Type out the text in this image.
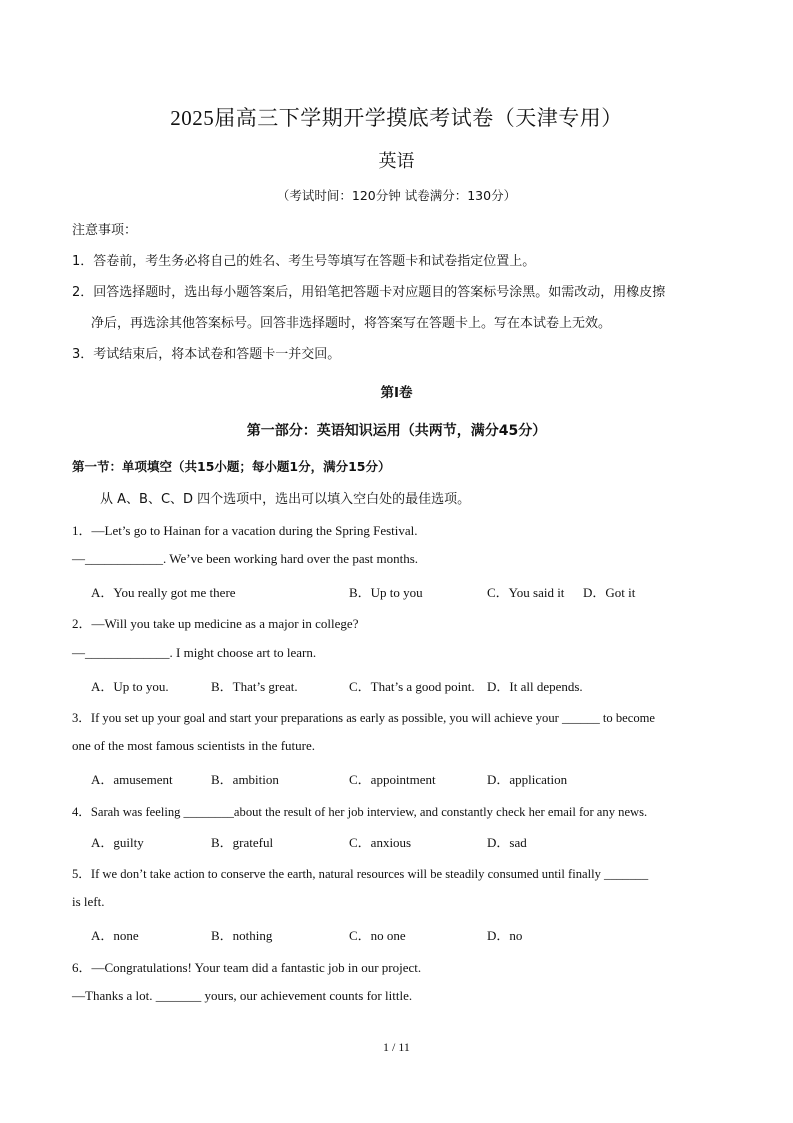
2025届高三下学期开学摸底考试卷（天津专用）
英语
（考试时间：120分钟 试卷满分：130分）
注意事项：
1．答卷前，考生务必将自己的姓名、考生号等填写在答题卡和试卷指定位置上。
2．回答选择题时，选出每小题答案后，用铅笔把答题卡对应题目的答案标号涂黑。如需改动，用橡皮擦
净后，再选涂其他答案标号。回答非选择题时，将答案写在答题卡上。写在本试卷上无效。
3．考试结束后，将本试卷和答题卡一并交回。
第I卷
第一部分：英语知识运用（共两节，满分45分）
第一节：单项填空（共15小题；每小题1分，满分15分）
从 A、B、C、D 四个选项中，选出可以填入空白处的最佳选项。
1．—Let’s go to Hainan for a vacation during the Spring Festival.
—____________. We’ve been working hard over the past months.
A．You really got me there	B．Up to you	C．You said it D．Got it
2．—Will you take up medicine as a major in college?
—_____________. I might choose art to learn.
A．Up to you.	B．That’s great.	C．That’s a good point. D．It all depends.
3．If you set up your goal and start your preparations as early as possible, you will achieve your ______ to become
one of the most famous scientists in the future.
A．amusement	B．ambition	C．appointment	D．application
4．Sarah was feeling ________about the result of her job interview, and constantly check her email for any news.
A．guilty	B．grateful	C．anxious	D．sad
5．If we don’t take action to conserve the earth, natural resources will be steadily consumed until finally _______
is left.
A．none	B．nothing	C．no one	D．no
6．—Congratulations! Your team did a fantastic job in our project.
—Thanks a lot. _______ yours, our achievement counts for little.
1 / 11
